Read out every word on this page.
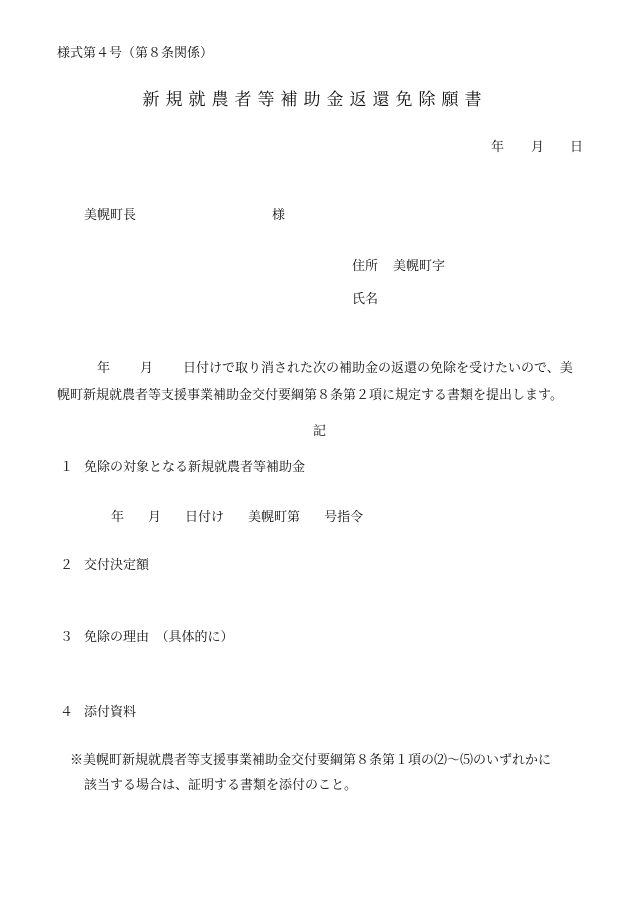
様式第４号（第８条関係）
新規就農者等補助金返還免除願書
年 月 日
美幌町長	様
住所 美幌町字
氏名
年 月 日付けで取り消された次の補助金の返還の免除を受けたいので、美
幌町新規就農者等支援事業補助金交付要綱第８条第２項に規定する書類を提出します。
記
１ 免除の対象となる新規就農者等補助金
年 月 日付け 美幌町第 号指令
２ 交付決定額
３ 免除の理由　（具体的に）
４ 添付資料
※美幌町新規就農者等支援事業補助金交付要綱第８条第１項の⑵～⑸のいずれかに
該当する場合は、証明する書類を添付のこと。
